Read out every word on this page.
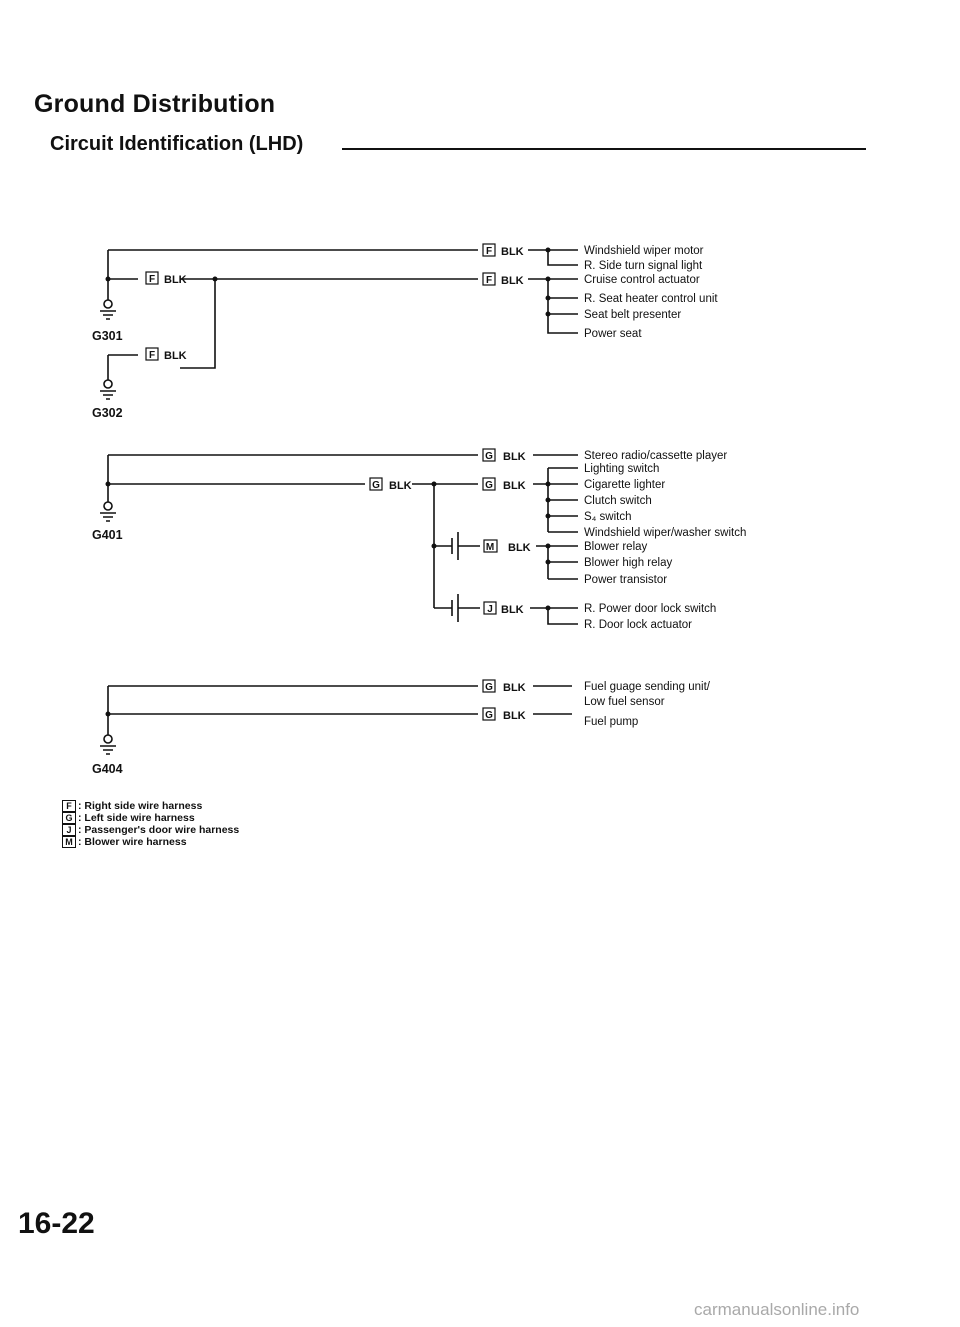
Ground Distribution
Circuit Identification (LHD)
G301
F BLK
F BLK
G302
F BLK
F BLK
Windshield wiper motor
R. Side turn signal light
Cruise control actuator
R. Seat heater control unit
Seat belt presenter
Power seat
G401
G BLK
M BLK
J BLK
G BLK
G BLK
Stereo radio/cassette player
Lighting switch
Cigarette lighter
Clutch switch
S₄ switch
Windshield wiper/washer switch
Blower relay
Blower high relay
Power transistor
R. Power door lock switch
R. Door lock actuator
G404
G BLK
G BLK
Fuel guage sending unit/
Low fuel sensor
Fuel pump
F : Right side wire harness
G : Left side wire harness
J : Passenger's door wire harness
M : Blower wire harness
16-22
carmanualsonline.info
